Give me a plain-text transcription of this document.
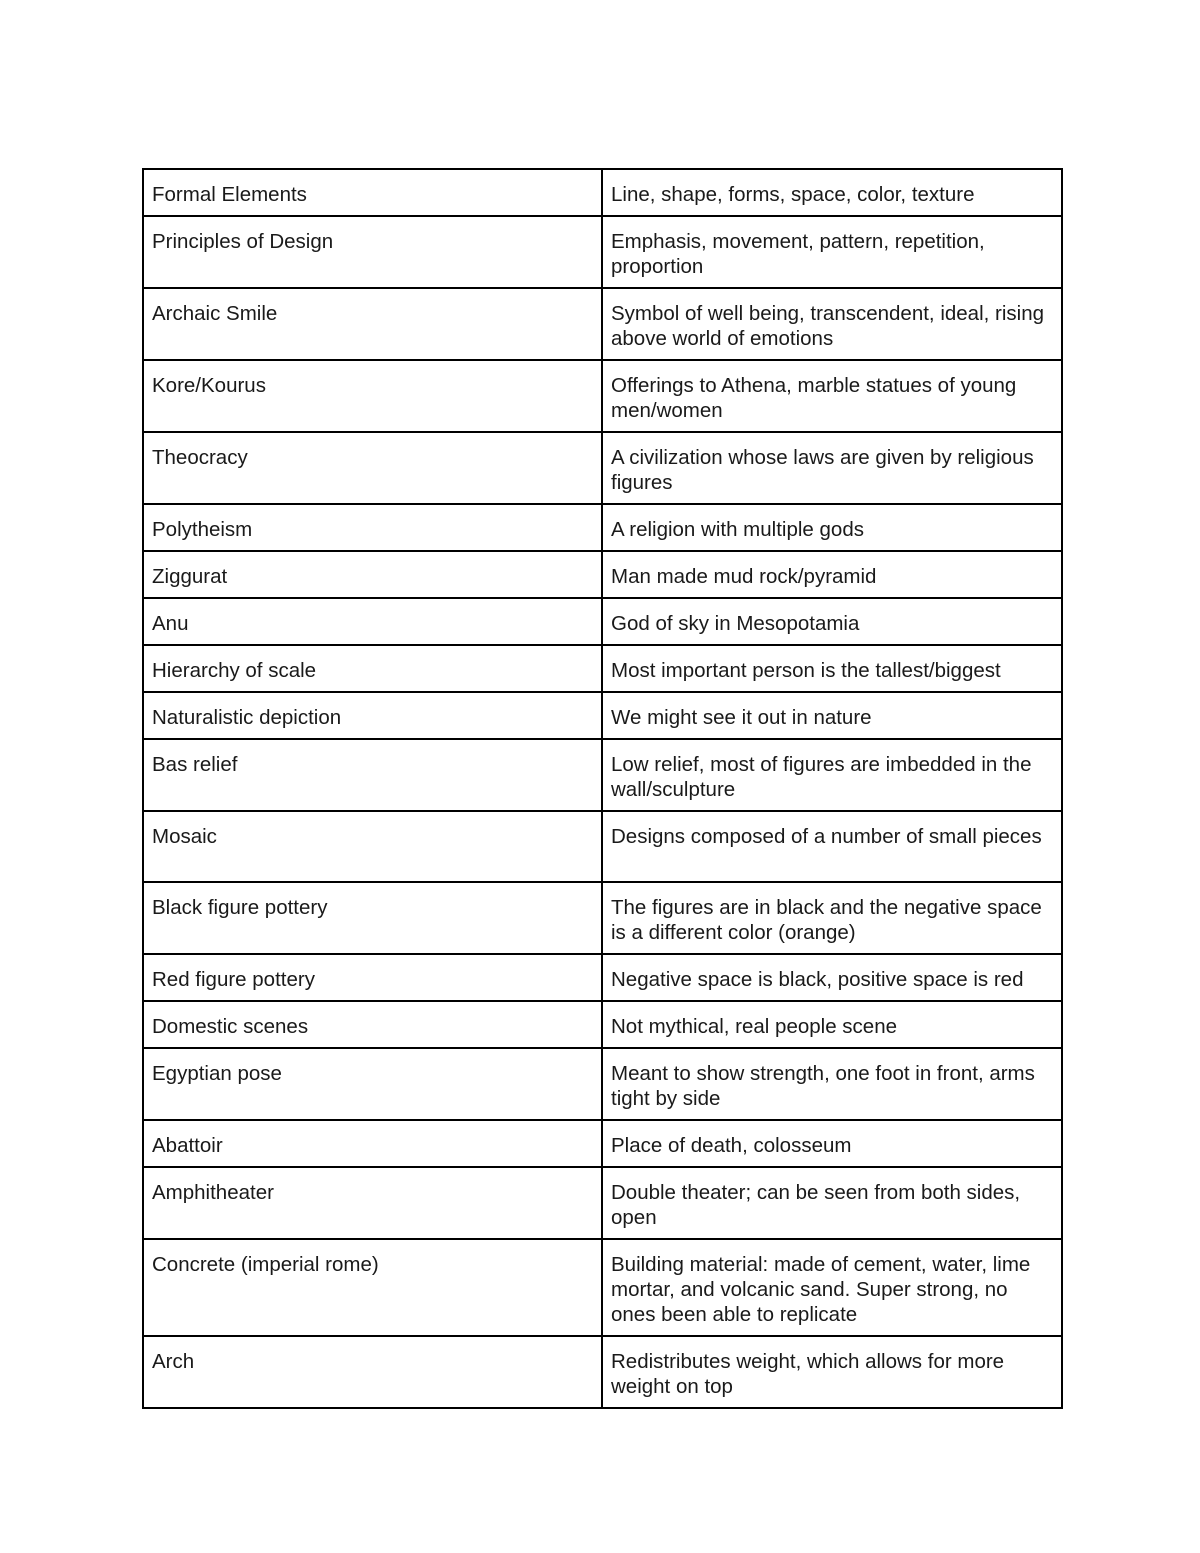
Formal Elements	Line, shape, forms, space, color, texture
Principles of Design	Emphasis, movement, pattern, repetition, proportion
Archaic Smile	Symbol of well being, transcendent, ideal, rising above world of emotions
Kore/Kourus	Offerings to Athena, marble statues of young men/women
Theocracy	A civilization whose laws are given by religious figures
Polytheism	A religion with multiple gods
Ziggurat	Man made mud rock/pyramid
Anu	God of sky in Mesopotamia
Hierarchy of scale	Most important person is the tallest/biggest
Naturalistic depiction	We might see it out in nature
Bas relief	Low relief, most of figures are imbedded in the wall/sculpture
Mosaic	Designs composed of a number of small pieces
Black figure pottery	The figures are in black and the negative space is a different color (orange)
Red figure pottery	Negative space is black, positive space is red
Domestic scenes	Not mythical, real people scene
Egyptian pose	Meant to show strength, one foot in front, arms tight by side
Abattoir	Place of death, colosseum
Amphitheater	Double theater; can be seen from both sides, open
Concrete (imperial rome)	Building material: made of cement, water, lime mortar, and volcanic sand. Super strong, no ones been able to replicate
Arch	Redistributes weight, which allows for more weight on top
